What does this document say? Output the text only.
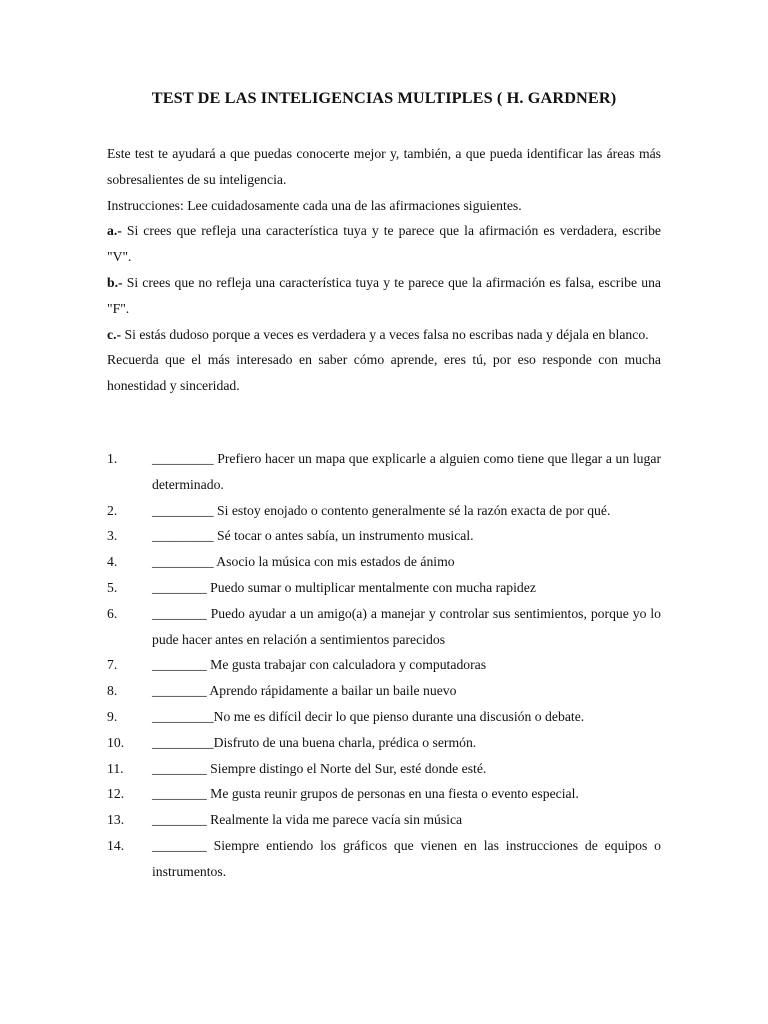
TEST DE LAS INTELIGENCIAS MULTIPLES ( H. GARDNER)

Este test te ayudará a que puedas conocerte mejor y, también, a que pueda identificar las áreas más sobresalientes de su inteligencia.

Instrucciones: Lee cuidadosamente cada una de las afirmaciones siguientes.

a.- Si crees que refleja una característica tuya y te parece que la afirmación es verdadera, escribe "V".

b.- Si crees que no refleja una característica tuya y te parece que la afirmación es falsa, escribe una "F".

c.- Si estás dudoso porque a veces es verdadera y a veces falsa no escribas nada y déjala en blanco.

Recuerda que el más interesado en saber cómo aprende, eres tú, por eso responde con mucha honestidad y sinceridad.

1.	_________ Prefiero hacer un mapa que explicarle a alguien como tiene que llegar a un lugar determinado.
2.	_________ Si estoy enojado o contento generalmente sé la razón exacta de por qué.
3.	_________ Sé tocar o antes sabía, un instrumento musical.
4.	_________ Asocio la música con mis estados de ánimo
5.	________ Puedo sumar o multiplicar mentalmente con mucha rapidez
6.	________ Puedo ayudar a un amigo(a) a manejar y controlar sus sentimientos, porque yo lo pude hacer antes en relación a sentimientos parecidos
7.	________ Me gusta trabajar con calculadora y computadoras
8.	________ Aprendo rápidamente a bailar un baile nuevo
9.	_________No me es difícil decir lo que pienso durante una discusión o debate.
10.	_________Disfruto de una buena charla, prédica o sermón.
11.	________ Siempre distingo el Norte del Sur, esté donde esté.
12.	________ Me gusta reunir grupos de personas en una fiesta o evento especial.
13.	________ Realmente la vida me parece vacía sin música
14.	________ Siempre entiendo los gráficos que vienen en las instrucciones de equipos o instrumentos.
